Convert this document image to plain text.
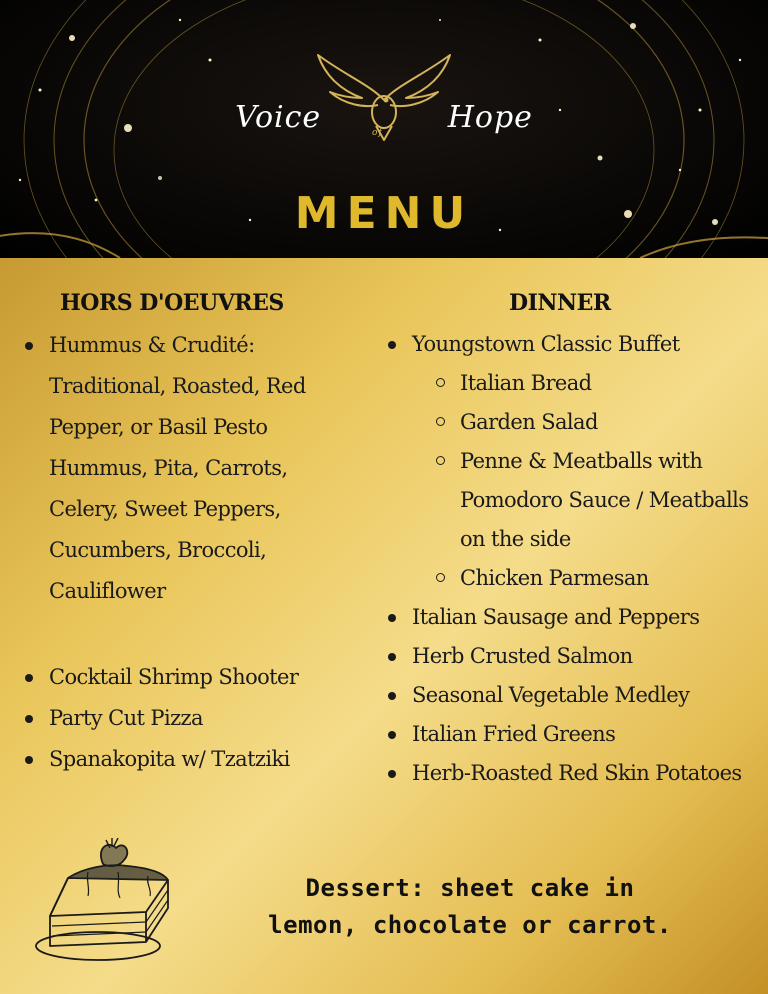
Voice	of Hope
MENU
HORS D'OEUVRES	DINNER
Hummus & Crudité: Traditional, Roasted, Red Pepper, or Basil Pesto Hummus, Pita, Carrots, Celery, Sweet Peppers, Cucumbers, Broccoli, Cauliflower
Cocktail Shrimp Shooter
Party Cut Pizza
Spanakopita w/ Tzatziki
Youngstown Classic Buffet
Italian Bread
Garden Salad
Penne & Meatballs with Pomodoro Sauce / Meatballs on the side
Chicken Parmesan
Italian Sausage and Peppers
Herb Crusted Salmon
Seasonal Vegetable Medley
Italian Fried Greens
Herb-Roasted Red Skin Potatoes
Dessert: sheet cake in
lemon, chocolate or carrot.
